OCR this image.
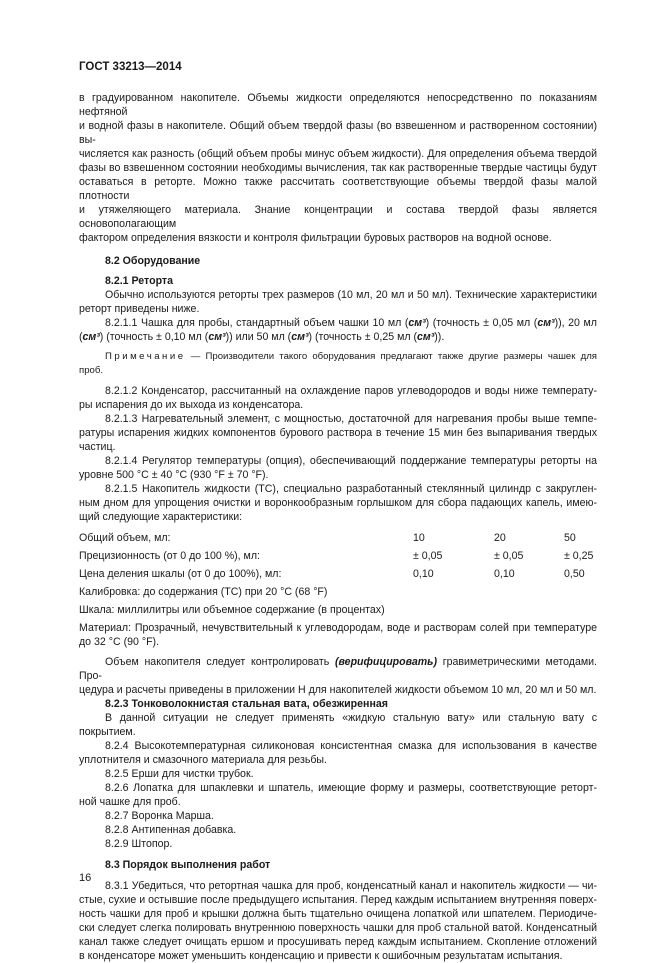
ГОСТ 33213—2014

в градуированном накопителе. Объемы жидкости определяются непосредственно по показаниям нефтяной

и водной фазы в накопителе. Общий объем твердой фазы (во взвешенном и растворенном состоянии) вы-

числяется как разность (общий объем пробы минус объем жидкости). Для определения объема твердой

фазы во взвешенном состоянии необходимы вычисления, так как растворенные твердые частицы будут

оставаться в реторте. Можно также рассчитать соответствующие объемы твердой фазы малой плотности

и утяжеляющего материала. Знание концентрации и состава твердой фазы является основополагающим

фактором определения вязкости и контроля фильтрации буровых растворов на водной основе.

8.2 Оборудование

8.2.1 Реторта

Обычно используются реторты трех размеров (10 мл, 20 мл и 50 мл). Технические характеристики

реторт приведены ниже.

8.2.1.1 Чашка для пробы, стандартный объем чашки 10 мл (см³) (точность ± 0,05 мл (см³)), 20 мл

(см³) (точность ± 0,10 мл (см³)) или 50 мл (см³) (точность ± 0,25 мл (см³)).

Примечание — Производители такого оборудования предлагают также другие размеры чашек для проб.

8.2.1.2 Конденсатор, рассчитанный на охлаждение паров углеводородов и воды ниже температу-

ры испарения до их выхода из конденсатора.

8.2.1.3 Нагревательный элемент, с мощностью, достаточной для нагревания пробы выше темпе-

ратуры испарения жидких компонентов бурового раствора в течение 15 мин без выпаривания твердых

частиц.

8.2.1.4 Регулятор температуры (опция), обеспечивающий поддержание температуры реторты на

уровне 500 °С ± 40 °С (930 °F ± 70 °F).

8.2.1.5 Накопитель жидкости (ТС), специально разработанный стеклянный цилиндр с закруглен-

ным дном для упрощения очистки и воронкообразным горлышком для сбора падающих капель, имею-

щий следующие характеристики:

Общий объем, мл:	10	20	50
Прецизионность (от 0 до 100 %), мл:	± 0,05	± 0,05	± 0,25
Цена деления шкалы (от 0 до 100%), мл:	0,10	0,10	0,50

Калибровка: до содержания (ТС) при 20 °С (68 °F)

Шкала: миллилитры или объемное содержание (в процентах)

Материал: Прозрачный, нечувствительный к углеводородам, воде и растворам солей при температуре

до 32 °С (90 °F).

Объем накопителя следует контролировать (верифицировать) гравиметрическими методами. Про-

цедура и расчеты приведены в приложении Н для накопителей жидкости объемом 10 мл, 20 мл и 50 мл.

8.2.3 Тонковолокнистая стальная вата, обезжиренная

В данной ситуации не следует применять «жидкую стальную вату» или стальную вату с покрытием.

8.2.4 Высокотемпературная силиконовая консистентная смазка для использования в качестве

уплотнителя и смазочного материала для резьбы.

8.2.5 Ерши для чистки трубок.

8.2.6 Лопатка для шпаклевки и шпатель, имеющие форму и размеры, соответствующие реторт-

ной чашке для проб.

8.2.7 Воронка Марша.

8.2.8 Антипенная добавка.

8.2.9 Штопор.

8.3 Порядок выполнения работ

8.3.1 Убедиться, что ретортная чашка для проб, конденсатный канал и накопитель жидкости — чи-

стые, сухие и остывшие после предыдущего испытания. Перед каждым испытанием внутренняя поверх-

ность чашки для проб и крышки должна быть тщательно очищена лопаткой или шпателем. Периодиче-

ски следует слегка полировать внутреннюю поверхность чашки для проб стальной ватой. Конденсатный

канал также следует очищать ершом и просушивать перед каждым испытанием. Скопление отложений

в конденсаторе может уменьшить конденсацию и привести к ошибочным результатам испытания.

16
